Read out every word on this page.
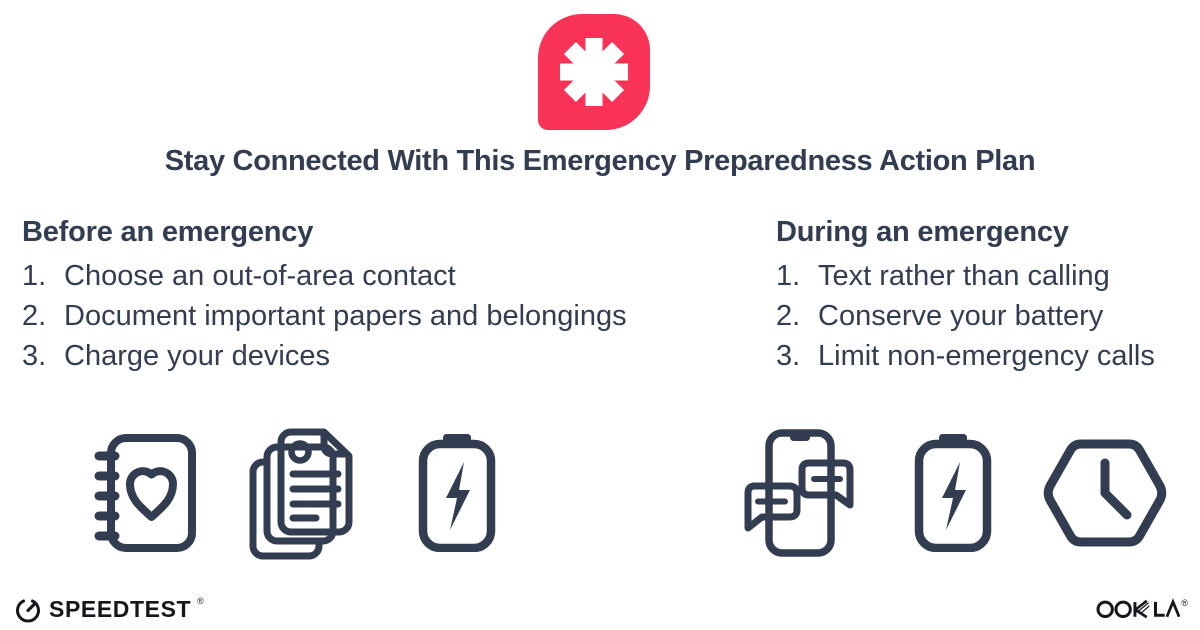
Stay Connected With This Emergency Preparedness Action Plan
Before an emergency
1. Choose an out-of-area contact
2. Document important papers and belongings
3. Charge your devices
During an emergency
1. Text rather than calling
2. Conserve your battery
3. Limit non-emergency calls
SPEEDTEST ®	®
